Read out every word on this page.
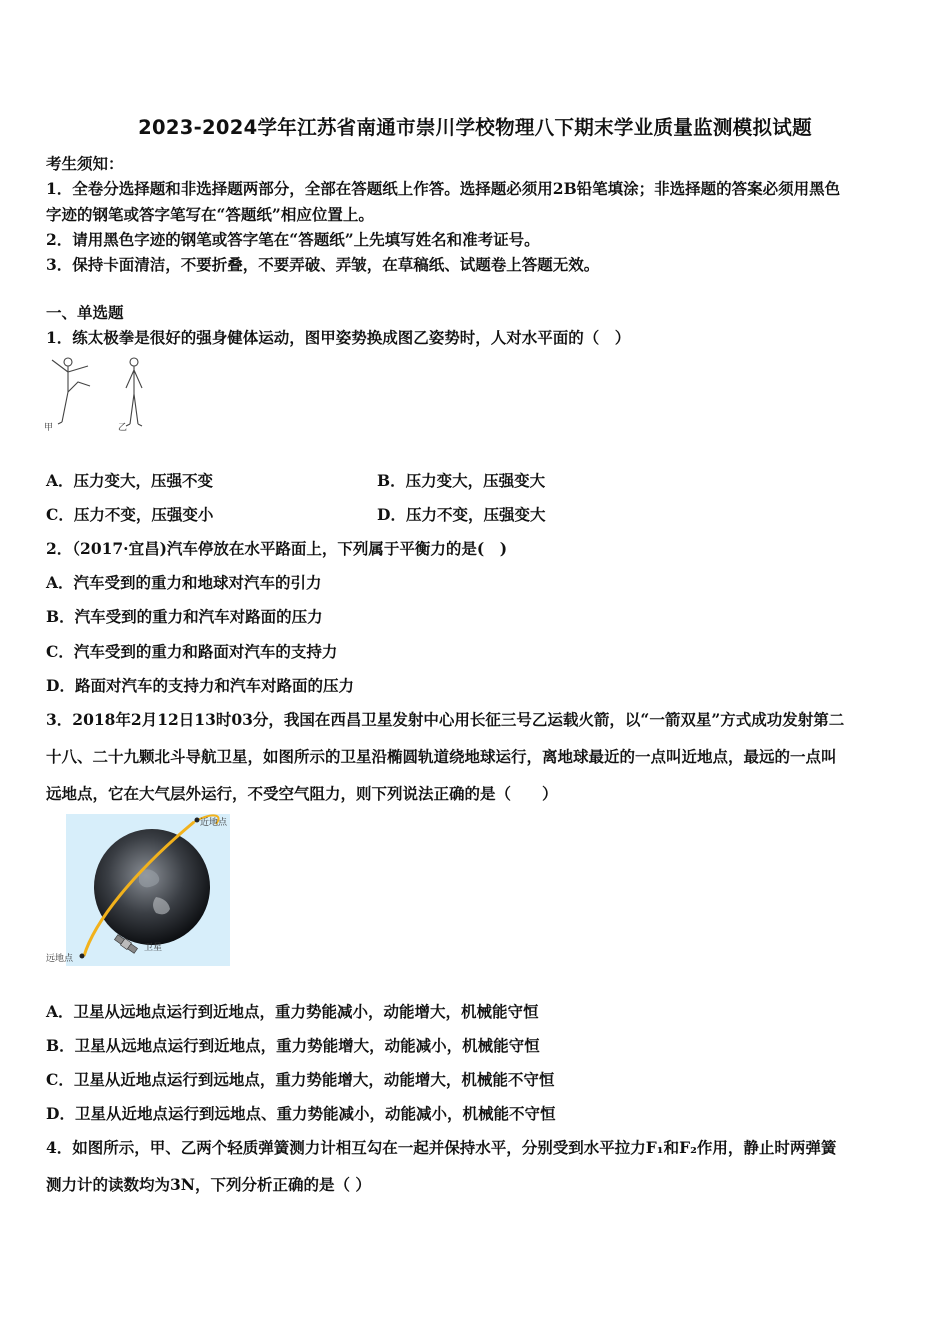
2023-2024学年江苏省南通市崇川学校物理八下期末学业质量监测模拟试题
考生须知：
1．全卷分选择题和非选择题两部分，全部在答题纸上作答。选择题必须用2B铅笔填涂；非选择题的答案必须用黑色
字迹的钢笔或答字笔写在“答题纸”相应位置上。
2．请用黑色字迹的钢笔或答字笔在“答题纸”上先填写姓名和准考证号。
3．保持卡面清洁，不要折叠，不要弄破、弄皱，在草稿纸、试题卷上答题无效。
一、单选题
1．练太极拳是很好的强身健体运动，图甲姿势换成图乙姿势时，人对水平面的（　）
甲	乙
A．压力变大，压强不变	B．压力变大，压强变大
C．压力不变，压强变小	D．压力不变，压强变大
2．（2017·宜昌)汽车停放在水平路面上，下列属于平衡力的是(　)
A．汽车受到的重力和地球对汽车的引力
B．汽车受到的重力和汽车对路面的压力
C．汽车受到的重力和路面对汽车的支持力
D．路面对汽车的支持力和汽车对路面的压力
3．2018年2月12日13时03分，我国在西昌卫星发射中心用长征三号乙运载火箭，以“一箭双星”方式成功发射第二
十八、二十九颗北斗导航卫星，如图所示的卫星沿椭圆轨道绕地球运行，离地球最近的一点叫近地点，最远的一点叫
远地点，它在大气层外运行，不受空气阻力，则下列说法正确的是（　　）
近地点
远地点
卫星
A．卫星从远地点运行到近地点，重力势能减小，动能增大，机械能守恒
B．卫星从远地点运行到近地点，重力势能增大，动能减小，机械能守恒
C．卫星从近地点运行到远地点，重力势能增大，动能增大，机械能不守恒
D．卫星从近地点运行到远地点、重力势能减小，动能减小，机械能不守恒
4．如图所示，甲、乙两个轻质弹簧测力计相互勾在一起并保持水平，分别受到水平拉力F₁和F₂作用，静止时两弹簧
测力计的读数均为3N，下列分析正确的是（ ）
